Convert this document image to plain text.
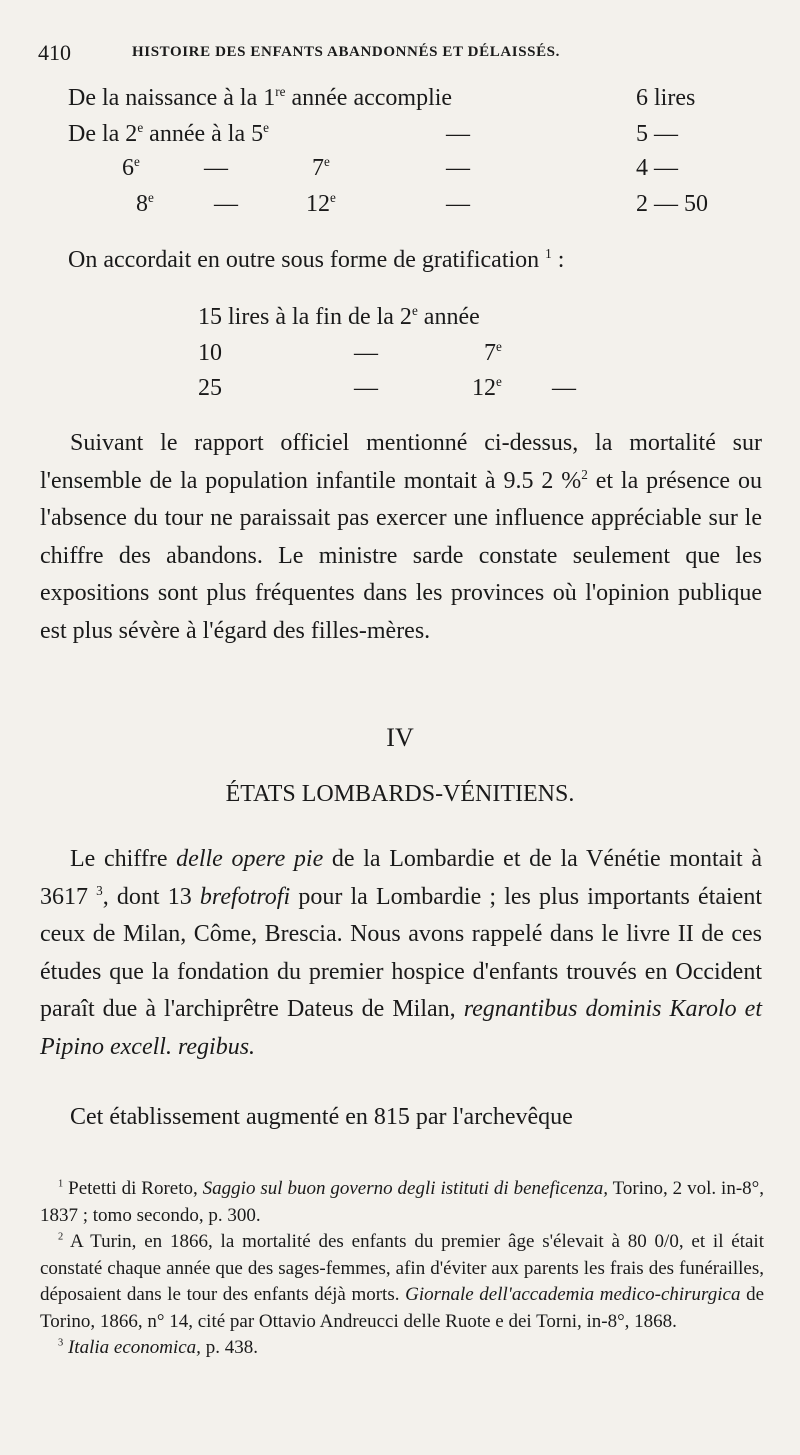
410	HISTOIRE DES ENFANTS ABANDONNÉS ET DÉLAISSÉS.
De la naissance à la 1re année accomplie	6 lires
De la 2e année à la 5e	—	5 —
6e	—	7e	—	4 —
8e	—	12e	—	2 — 50
On accordait en outre sous forme de gratification $^1$ :
15 lires à la fin de la 2e année
10	—	7e
25	—	12e —

Suivant le rapport officiel mentionné ci-dessus, la mortalité sur l'ensemble de la population infantile montait à 9.5 2 %$^2$ et la présence ou l'absence du tour ne paraissait pas exercer une influence appréciable sur le chiffre des abandons. Le ministre sarde constate seulement que les expositions sont plus fréquentes dans les provinces où l'opinion publique est plus sévère à l'égard des filles-mères.

IV
ÉTATS LOMBARDS-VÉNITIENS.

Le chiffre delle opere pie de la Lombardie et de la Vénétie montait à 3617 $^3$, dont 13 brefotrofi pour la Lombardie ; les plus importants étaient ceux de Milan, Côme, Brescia. Nous avons rappelé dans le livre II de ces études que la fondation du premier hospice d'enfants trouvés en Occident paraît due à l'archiprêtre Dateus de Milan, regnantibus dominis Karolo et Pipino excell. regibus.

Cet établissement augmenté en 815 par l'archevêque

$^1$ Petetti di Roreto, Saggio sul buon governo degli istituti di beneficenza, Torino, 2 vol. in-8°, 1837 ; tomo secondo, p. 300.

$^2$ A Turin, en 1866, la mortalité des enfants du premier âge s'élevait à 80 0/0, et il était constaté chaque année que des sages-femmes, afin d'éviter aux parents les frais des funérailles, déposaient dans le tour des enfants déjà morts. Giornale dell'accademia medico-chirurgica de Torino, 1866, n° 14, cité par Ottavio Andreucci delle Ruote e dei Torni, in-8°, 1868.

$^3$ Italia economica, p. 438.
